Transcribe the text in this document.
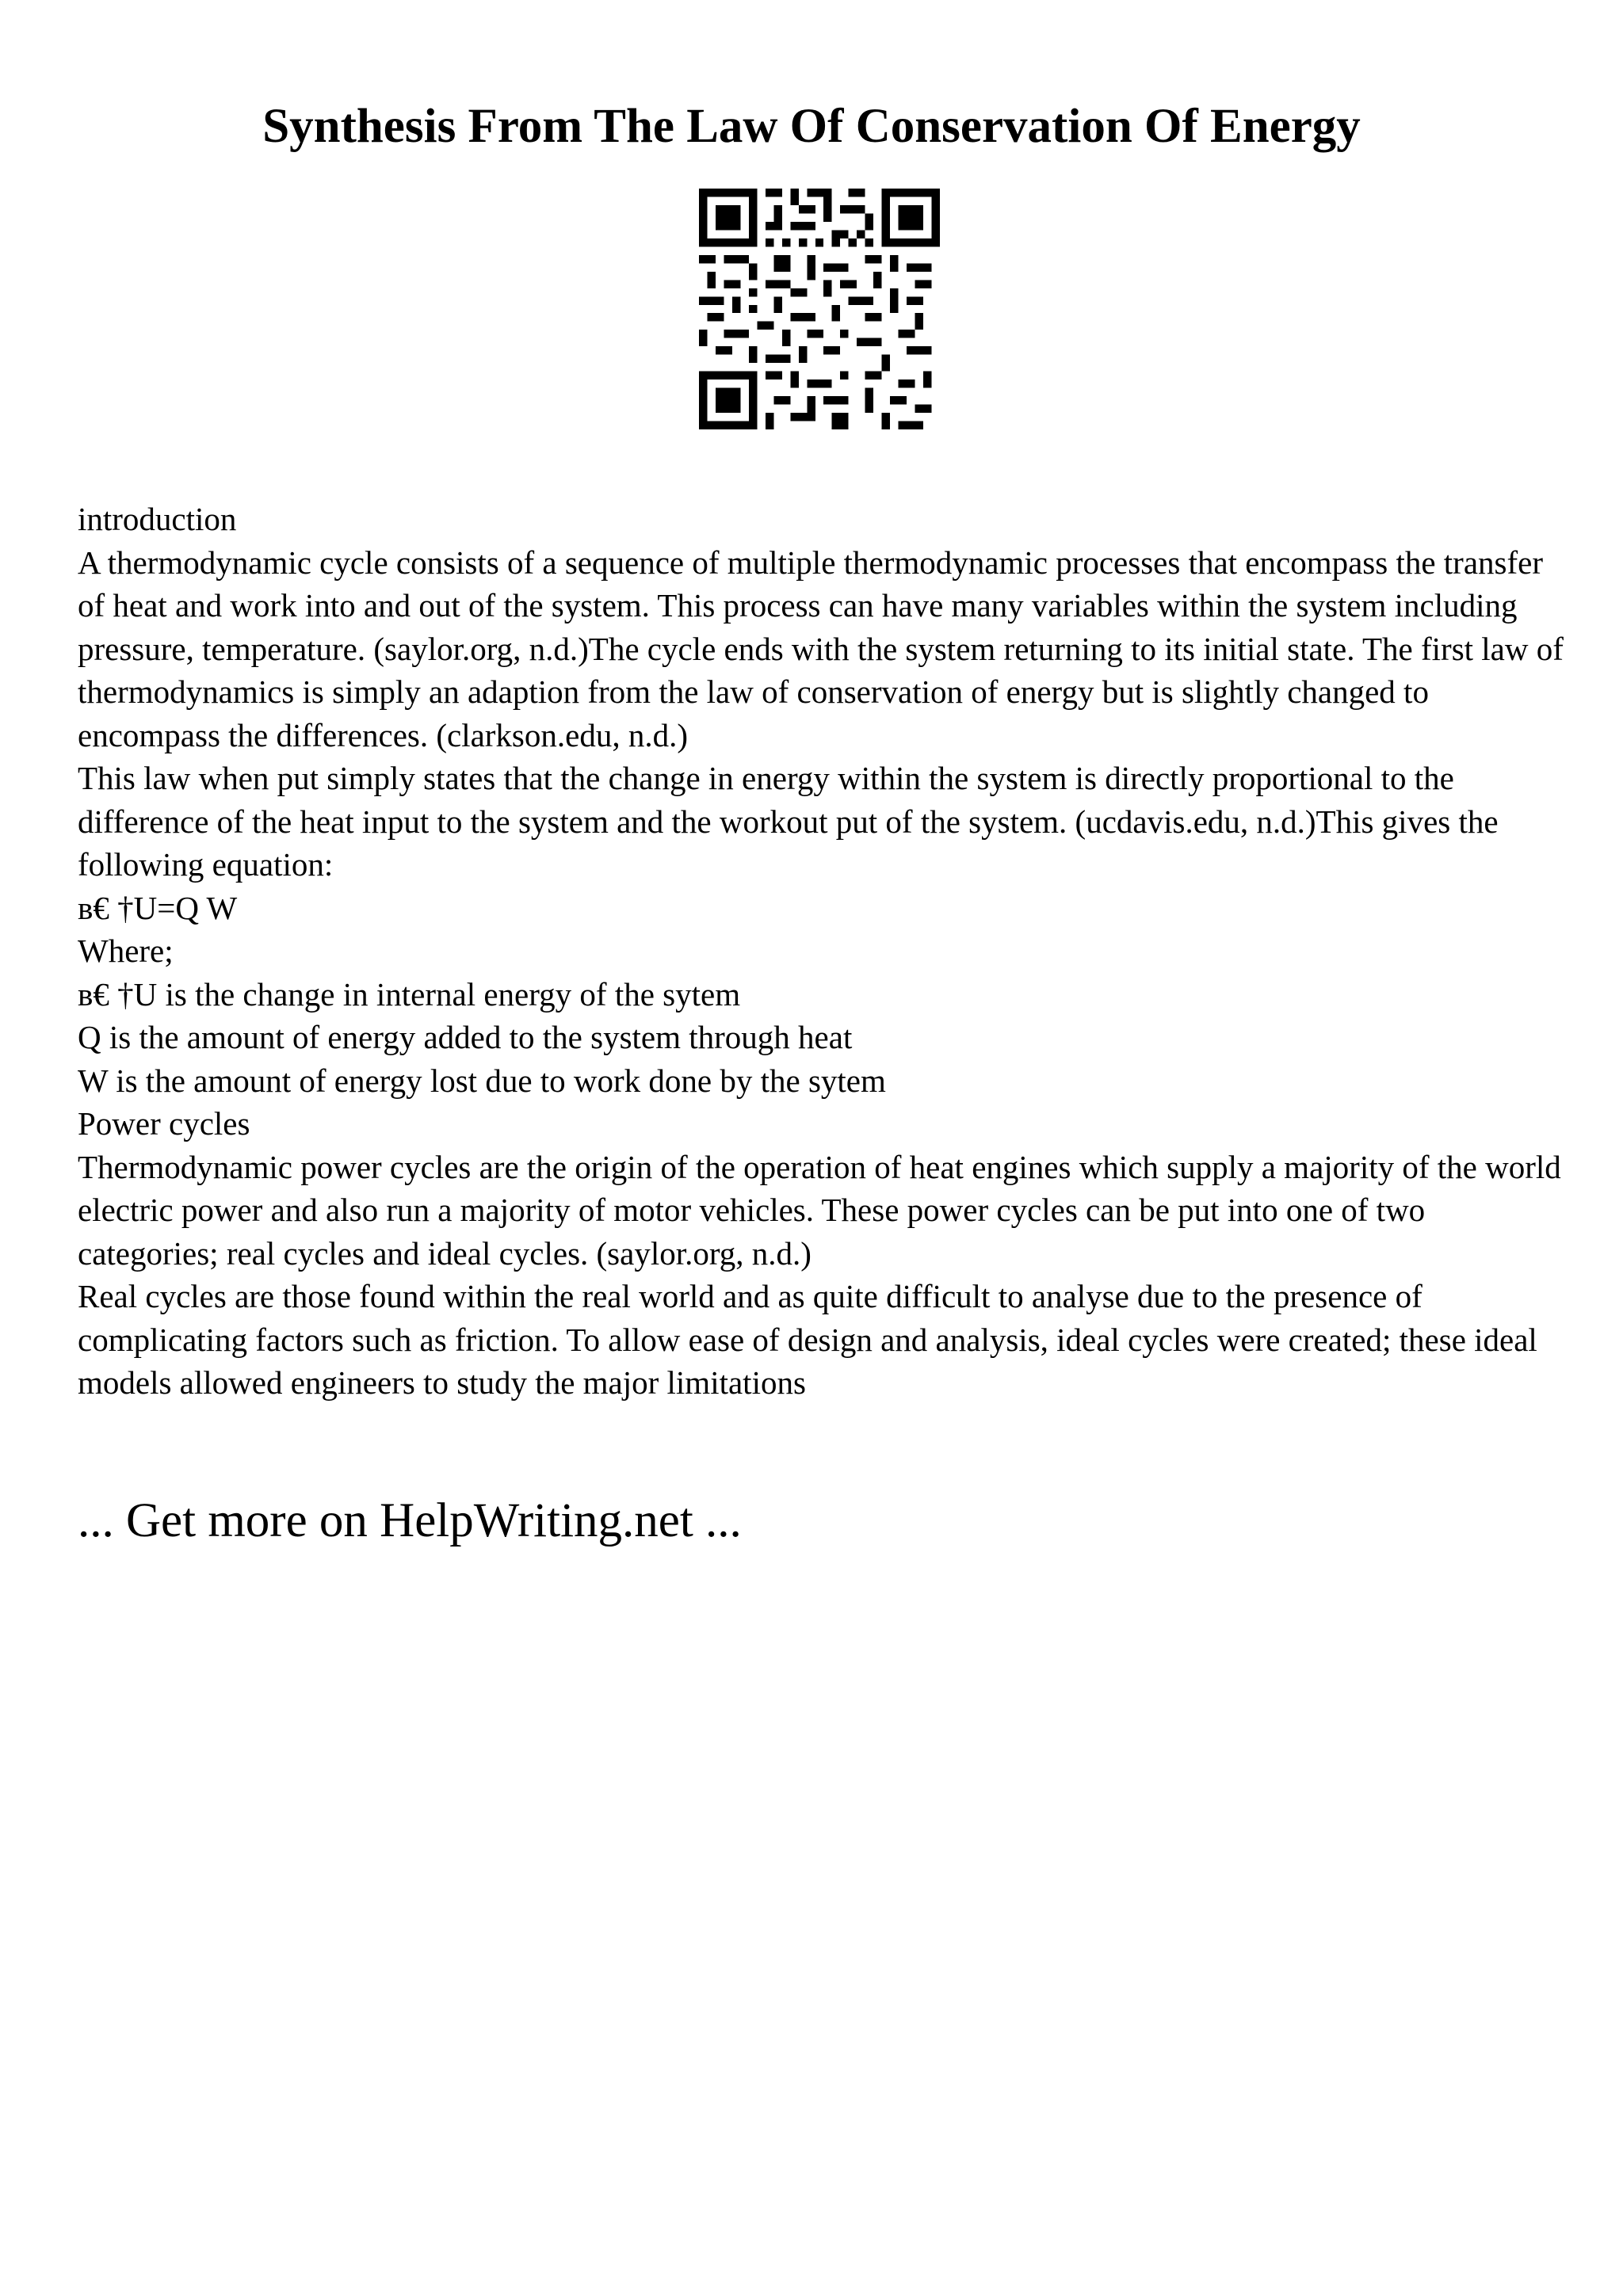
Synthesis From The Law Of Conservation Of Energy

introduction

A thermodynamic cycle consists of a sequence of multiple thermodynamic processes that encompass the transfer of heat and work into and out of the system. This process can have many variables within the system including pressure, temperature. (saylor.org, n.d.)The cycle ends with the system returning to its initial state. The first law of thermodynamics is simply an adaption from the law of conservation of energy but is slightly changed to encompass the differences. (clarkson.edu, n.d.)

This law when put simply states that the change in energy within the system is directly proportional to the difference of the heat input to the system and the workout put of the system. (ucdavis.edu, n.d.)This gives the following equation:

в€ †U=Q W

Where;

в€ †U is the change in internal energy of the sytem

Q is the amount of energy added to the system through heat

W is the amount of energy lost due to work done by the sytem

Power cycles

Thermodynamic power cycles are the origin of the operation of heat engines which supply a majority of the world electric power and also run a majority of motor vehicles. These power cycles can be put into one of two categories; real cycles and ideal cycles. (saylor.org, n.d.)

Real cycles are those found within the real world and as quite difficult to analyse due to the presence of complicating factors such as friction. To allow ease of design and analysis, ideal cycles were created; these ideal models allowed engineers to study the major limitations

... Get more on HelpWriting.net ...
